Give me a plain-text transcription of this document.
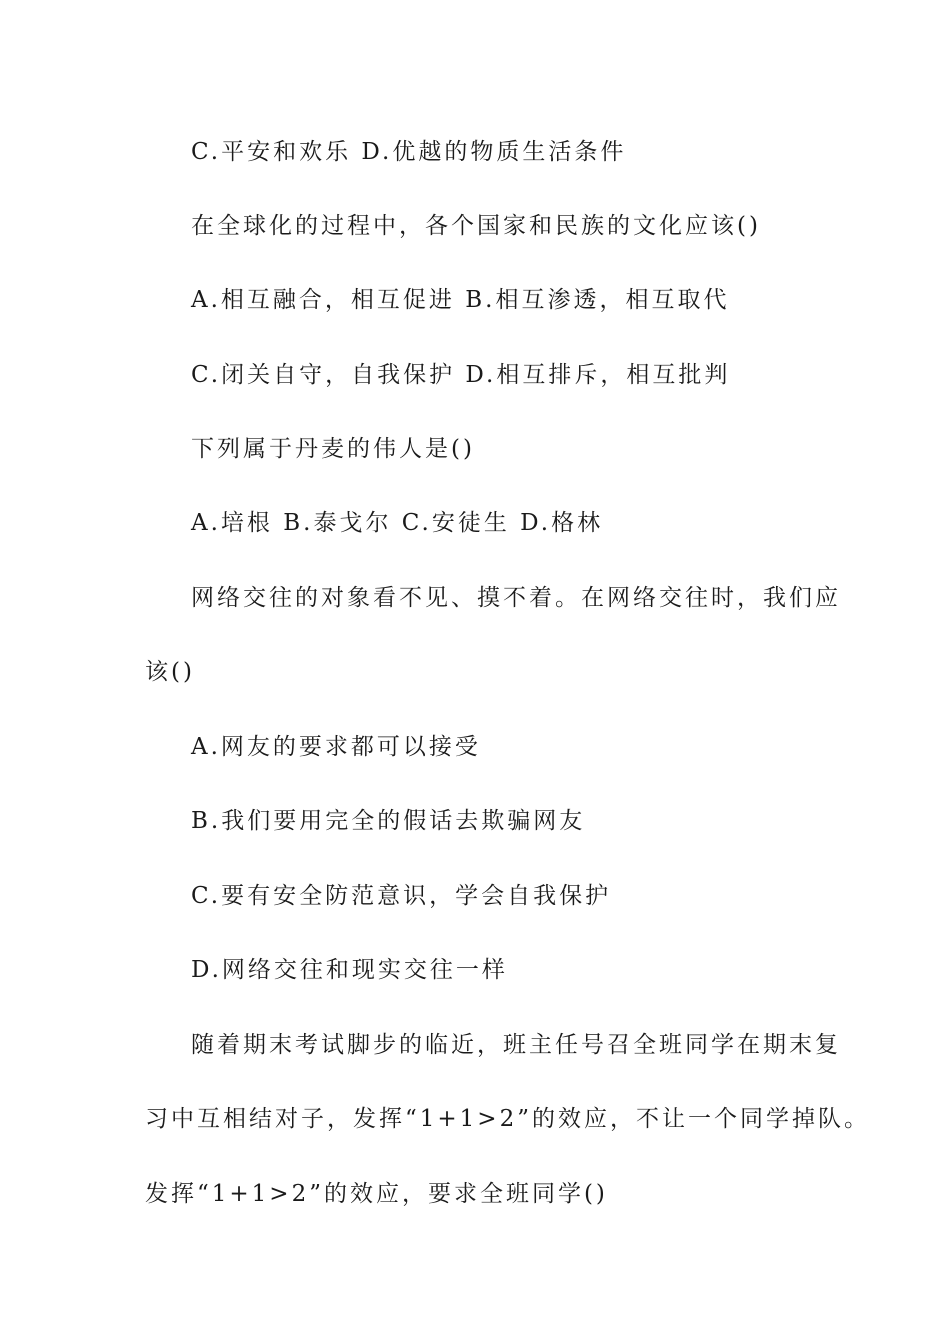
C.平安和欢乐 D.优越的物质生活条件

在全球化的过程中，各个国家和民族的文化应该()

A.相互融合，相互促进 B.相互渗透，相互取代

C.闭关自守，自我保护 D.相互排斥，相互批判

下列属于丹麦的伟人是()

A.培根 B.泰戈尔 C.安徒生 D.格林

网络交往的对象看不见、摸不着。在网络交往时，我们应

该()

A.网友的要求都可以接受

B.我们要用完全的假话去欺骗网友

C.要有安全防范意识，学会自我保护

D.网络交往和现实交往一样

随着期末考试脚步的临近，班主任号召全班同学在期末复

习中互相结对子，发挥“1+1>2”的效应，不让一个同学掉队。

发挥“1+1>2”的效应，要求全班同学()
